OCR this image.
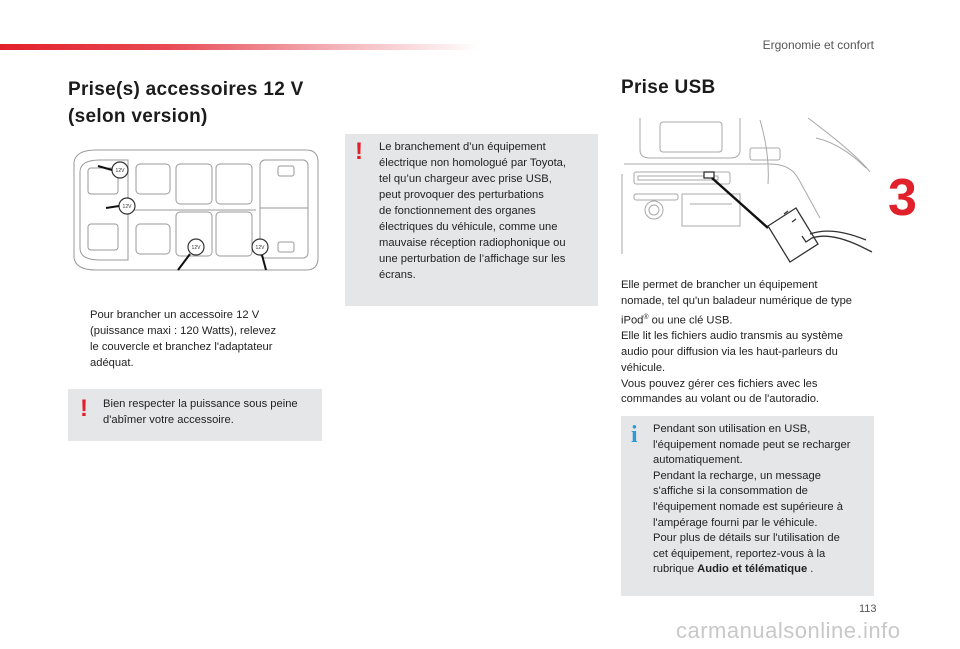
Ergonomie et confort
3
Prise(s) accessoires 12 V
(selon version)
12V
12V
12V	12V
! Le branchement d’un équipement
électrique non homologué par Toyota,
tel qu’un chargeur avec prise USB,
peut provoquer des perturbations
de fonctionnement des organes
électriques du véhicule, comme une
mauvaise réception radiophonique ou
une perturbation de l’affichage sur les
écrans.
Pour brancher un accessoire 12 V
(puissance maxi : 120 Watts), relevez
le couvercle et branchez l'adaptateur
adéquat.
! Bien respecter la puissance sous peine
d'abîmer votre accessoire.
Prise USB
Elle permet de brancher un équipement
nomade, tel qu'un baladeur numérique de type
iPod® ou une clé USB.
Elle lit les fichiers audio transmis au système
audio pour diffusion via les haut-parleurs du
véhicule.
Vous pouvez gérer ces fichiers avec les
commandes au volant ou de l'autoradio.
i Pendant son utilisation en USB,
l'équipement nomade peut se recharger
automatiquement.
Pendant la recharge, un message
s'affiche si la consommation de
l'équipement nomade est supérieure à
l'ampérage fourni par le véhicule.
Pour plus de détails sur l'utilisation de
cet équipement, reportez-vous à la
rubrique Audio et télématique .
113
carmanualsonline.info
